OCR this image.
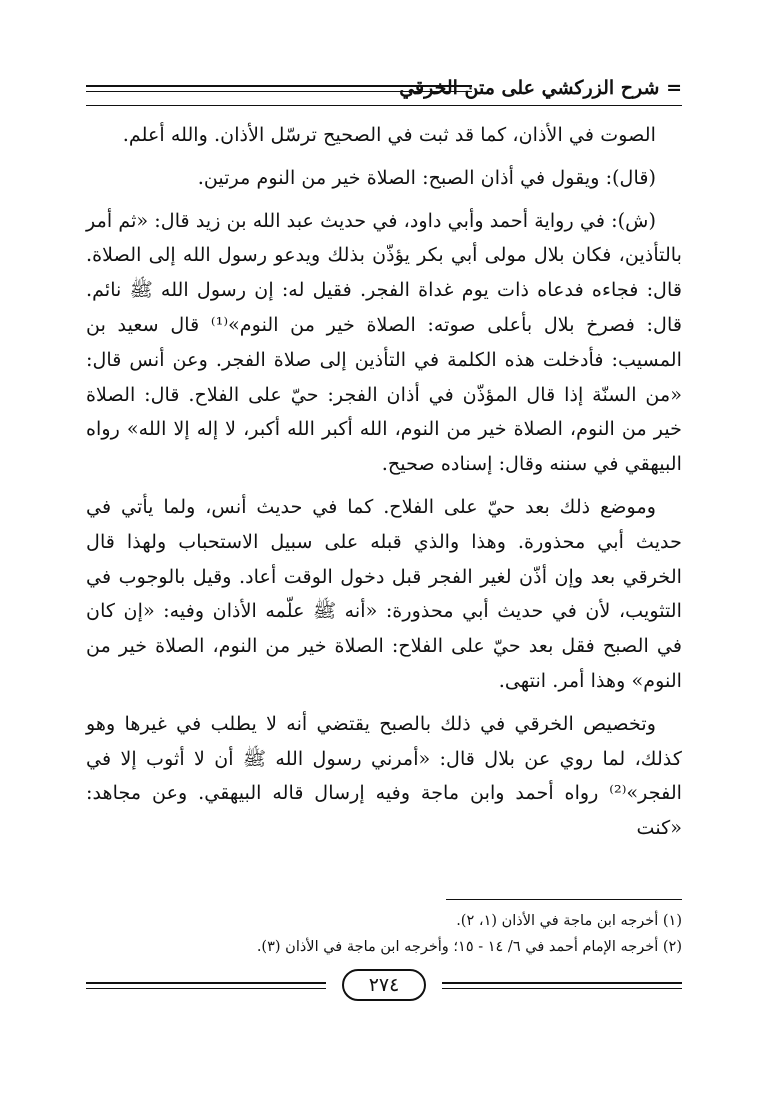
= شرح الزركشي على متن الخرقي

الصوت في الأذان، كما قد ثبت في الصحيح ترسّل الأذان. والله أعلم.

(قال): ويقول في أذان الصبح: الصلاة خير من النوم مرتين.

(ش): في رواية أحمد وأبي داود، في حديث عبد الله بن زيد قال: «ثم أمر بالتأذين، فكان بلال مولى أبي بكر يؤذّن بذلك ويدعو رسول الله إلى الصلاة. قال: فجاءه فدعاه ذات يوم غداة الفجر. فقيل له: إن رسول الله ﷺ نائم. قال: فصرخ بلال بأعلى صوته: الصلاة خير من النوم»⁽¹⁾ قال سعيد بن المسيب: فأدخلت هذه الكلمة في التأذين إلى صلاة الفجر. وعن أنس قال: «من السنّة إذا قال المؤذّن في أذان الفجر: حيّ على الفلاح. قال: الصلاة خير من النوم، الصلاة خير من النوم، الله أكبر الله أكبر، لا إله إلا الله» رواه البيهقي في سننه وقال: إسناده صحيح.

وموضع ذلك بعد حيّ على الفلاح. كما في حديث أنس، ولما يأتي في حديث أبي محذورة. وهذا والذي قبله على سبيل الاستحباب ولهذا قال الخرقي بعد وإن أذّن لغير الفجر قبل دخول الوقت أعاد. وقيل بالوجوب في التثويب، لأن في حديث أبي محذورة: «أنه ﷺ علّمه الأذان وفيه: «إن كان في الصبح فقل بعد حيّ على الفلاح: الصلاة خير من النوم، الصلاة خير من النوم» وهذا أمر. انتهى.

وتخصيص الخرقي في ذلك بالصبح يقتضي أنه لا يطلب في غيرها وهو كذلك، لما روي عن بلال قال: «أمرني رسول الله ﷺ أن لا أثوب إلا في الفجر»⁽²⁾ رواه أحمد وابن ماجة وفيه إرسال قاله البيهقي. وعن مجاهد: «كنت

(١) أخرجه ابن ماجة في الأذان (١، ٢).
(٢) أخرجه الإمام أحمد في ٦/ ١٤ - ١٥؛ وأخرجه ابن ماجة في الأذان (٣).
٢٧٤
